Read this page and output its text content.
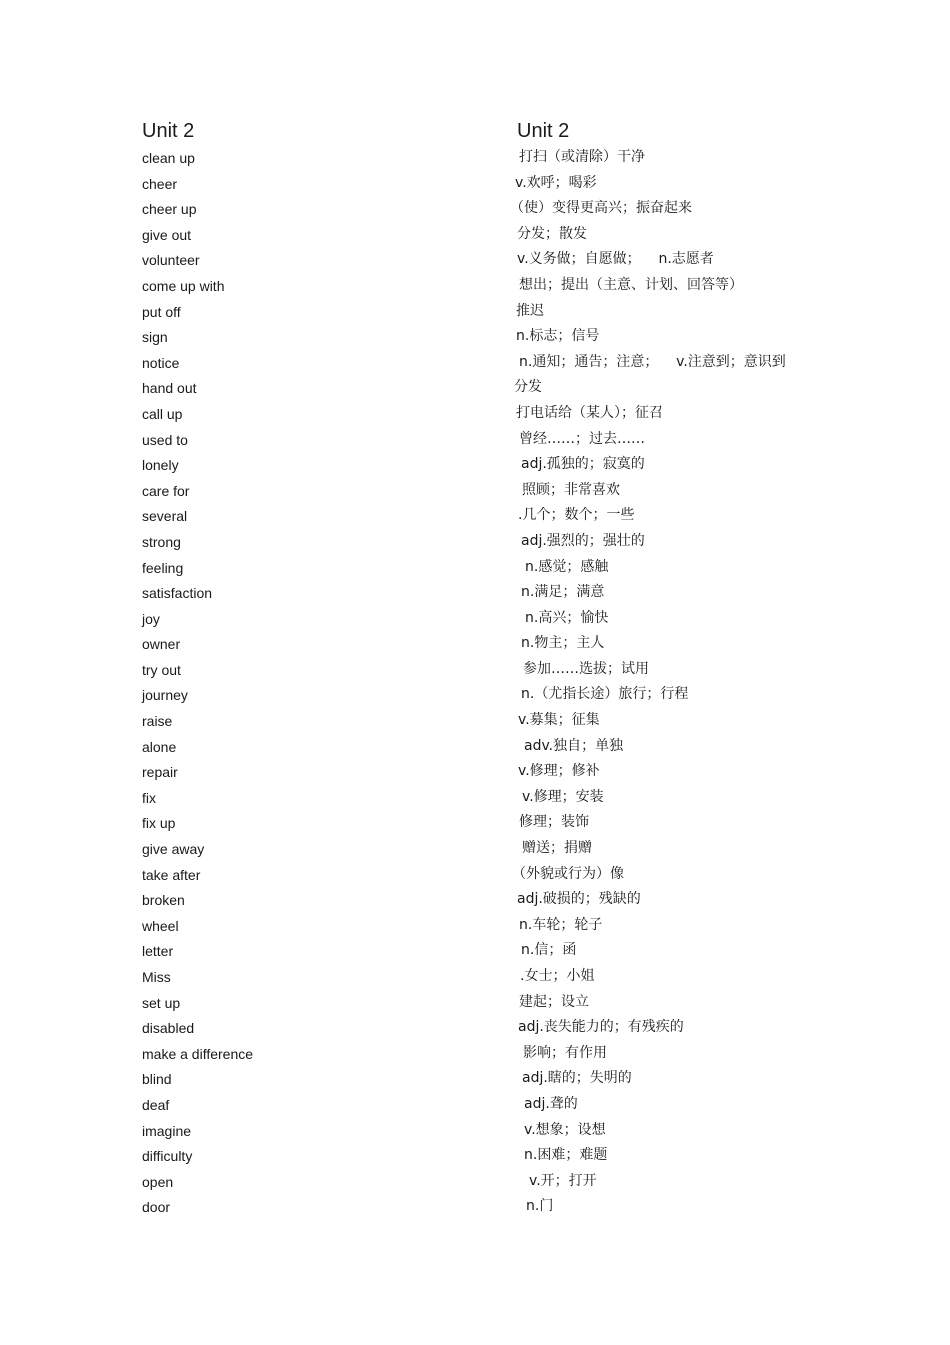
Unit 2	Unit 2
clean up	打扫（或清除）干净
cheer	v.欢呼；喝彩
cheer up	（使）变得更高兴；振奋起来
give out	分发；散发
volunteer	v.义务做；自愿做；    n.志愿者
come up with	想出；提出（主意、计划、回答等）
put off	推迟
sign	n.标志；信号
notice	n.通知；通告；注意；    v.注意到；意识到
hand out	分发
call up	打电话给（某人）；征召
used to	曾经……；过去……
lonely	adj.孤独的；寂寞的
care for	照顾；非常喜欢
several	.几个；数个；一些
strong	adj.强烈的；强壮的
feeling	n.感觉；感触
satisfaction	n.满足；满意
joy	n.高兴；愉快
owner	n.物主；主人
try out	参加……选拔；试用
journey	n.（尤指长途）旅行；行程
raise	v.募集；征集
alone	adv.独自；单独
repair	v.修理；修补
fix	v.修理；安装
fix up	修理；装饰
give away	赠送；捐赠
take after	（外貌或行为）像
broken	adj.破损的；残缺的
wheel	n.车轮；轮子
letter	n.信；函
Miss	.女士；小姐
set up	建起；设立
disabled	adj.丧失能力的；有残疾的
make a difference	影响；有作用
blind	adj.瞎的；失明的
deaf	adj.聋的
imagine	v.想象；设想
difficulty	n.困难；难题
open	v.开；打开
door	n.门
